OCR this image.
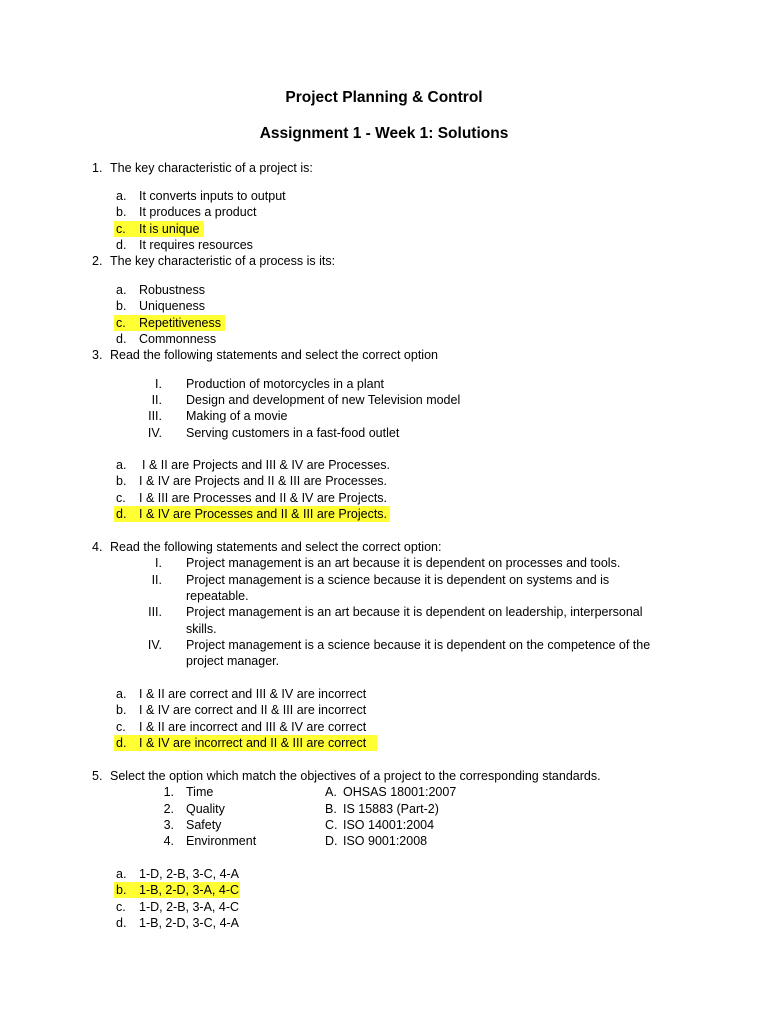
Project Planning & Control
Assignment 1 - Week 1: Solutions
1. The key characteristic of a project is:
a. It converts inputs to output
b. It produces a product
c. It is unique
d. It requires resources
2. The key characteristic of a process is its:
a. Robustness
b. Uniqueness
c. Repetitiveness
d. Commonness
3. Read the following statements and select the correct option
I. Production of motorcycles in a plant
II. Design and development of new Television model
III. Making of a movie
IV. Serving customers in a fast-food outlet
a. I & II are Projects and III & IV are Processes.
b. I & IV are Projects and II & III are Processes.
c. I & III are Processes and II & IV are Projects.
d. I & IV are Processes and II & III are Projects.
4. Read the following statements and select the correct option:
I. Project management is an art because it is dependent on processes and tools.
II. Project management is a science because it is dependent on systems and is
repeatable.
III. Project management is an art because it is dependent on leadership, interpersonal
skills.
IV. Project management is a science because it is dependent on the competence of the
project manager.
a. I & II are correct and III & IV are incorrect
b. I & IV are correct and II & III are incorrect
c. I & II are incorrect and III & IV are correct
d. I & IV are incorrect and II & III are correct
5. Select the option which match the objectives of a project to the corresponding standards.
1. Time	A. OHSAS 18001:2007
2. Quality	B. IS 15883 (Part-2)
3. Safety	C. ISO 14001:2004
4. Environment	D. ISO 9001:2008
a. 1-D, 2-B, 3-C, 4-A
b. 1-B, 2-D, 3-A, 4-C
c. 1-D, 2-B, 3-A, 4-C
d. 1-B, 2-D, 3-C, 4-A
